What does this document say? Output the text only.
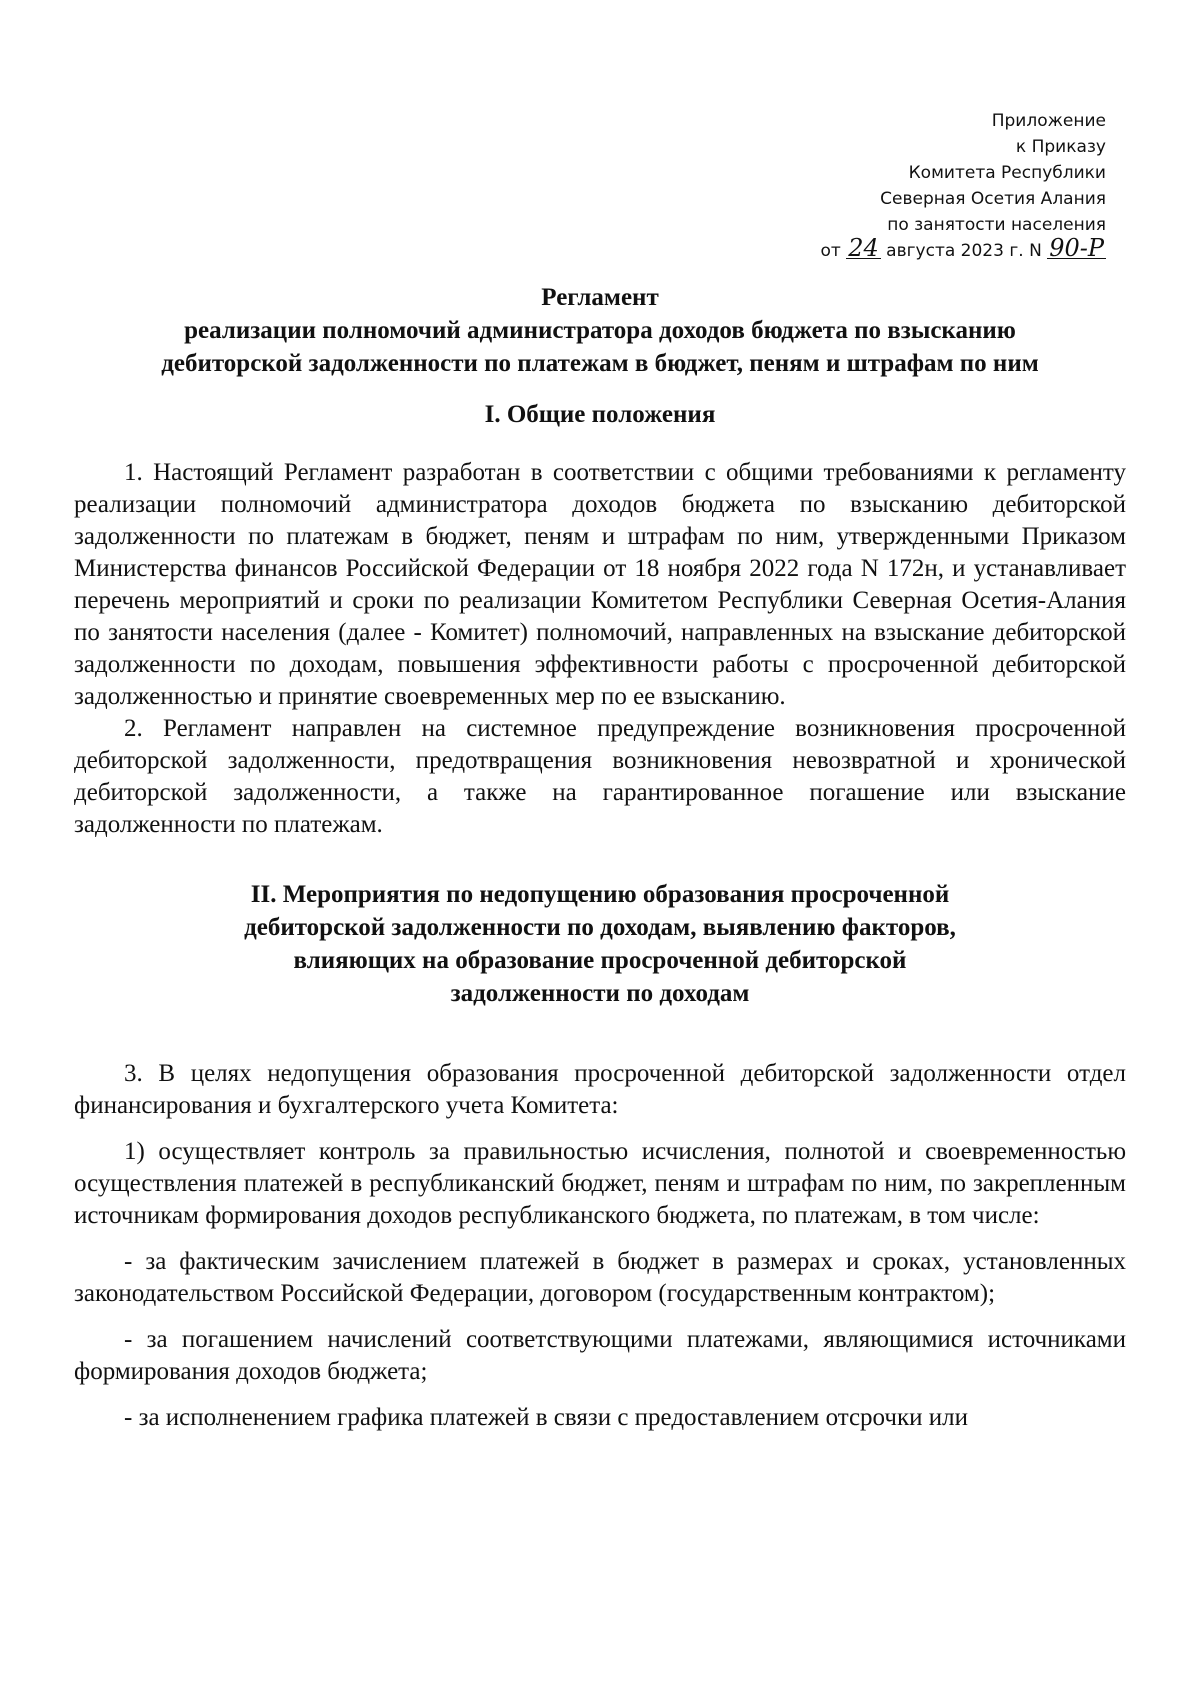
Приложение
к Приказу
Комитета Республики
Северная Осетия Алания
по занятости населения
от 24 августа 2023 г. N 90-Р
Регламент
реализации полномочий администратора доходов бюджета по взысканию
дебиторской задолженности по платежам в бюджет, пеням и штрафам по ним
I. Общие положения

1. Настоящий Регламент разработан в соответствии с общими требованиями к регламенту реализации полномочий администратора доходов бюджета по взысканию дебиторской задолженности по платежам в бюджет, пеням и штрафам по ним, утвержденными Приказом Министерства финансов Российской Федерации от 18 ноября 2022 года N 172н, и устанавливает перечень мероприятий и сроки по реализации Комитетом Республики Северная Осетия-Алания по занятости населения (далее - Комитет) полномочий, направленных на взыскание дебиторской задолженности по доходам, повышения эффективности работы с просроченной дебиторской задолженностью и принятие своевременных мер по ее взысканию.

2. Регламент направлен на системное предупреждение возникновения просроченной дебиторской задолженности, предотвращения возникновения невозвратной и хронической дебиторской задолженности, а также на гарантированное погашение или взыскание задолженности по платежам.

II. Мероприятия по недопущению образования просроченной
дебиторской задолженности по доходам, выявлению факторов,
влияющих на образование просроченной дебиторской
задолженности по доходам

3. В целях недопущения образования просроченной дебиторской задолженности отдел финансирования и бухгалтерского учета Комитета:

1) осуществляет контроль за правильностью исчисления, полнотой и своевременностью осуществления платежей в республиканский бюджет, пеням и штрафам по ним, по закрепленным источникам формирования доходов республиканского бюджета, по платежам, в том числе:

- за фактическим зачислением платежей в бюджет в размерах и сроках, установленных законодательством Российской Федерации, договором (государственным контрактом);

- за погашением начислений соответствующими платежами, являющимися источниками формирования доходов бюджета;

- за исполненением графика платежей в связи с предоставлением отсрочки или
